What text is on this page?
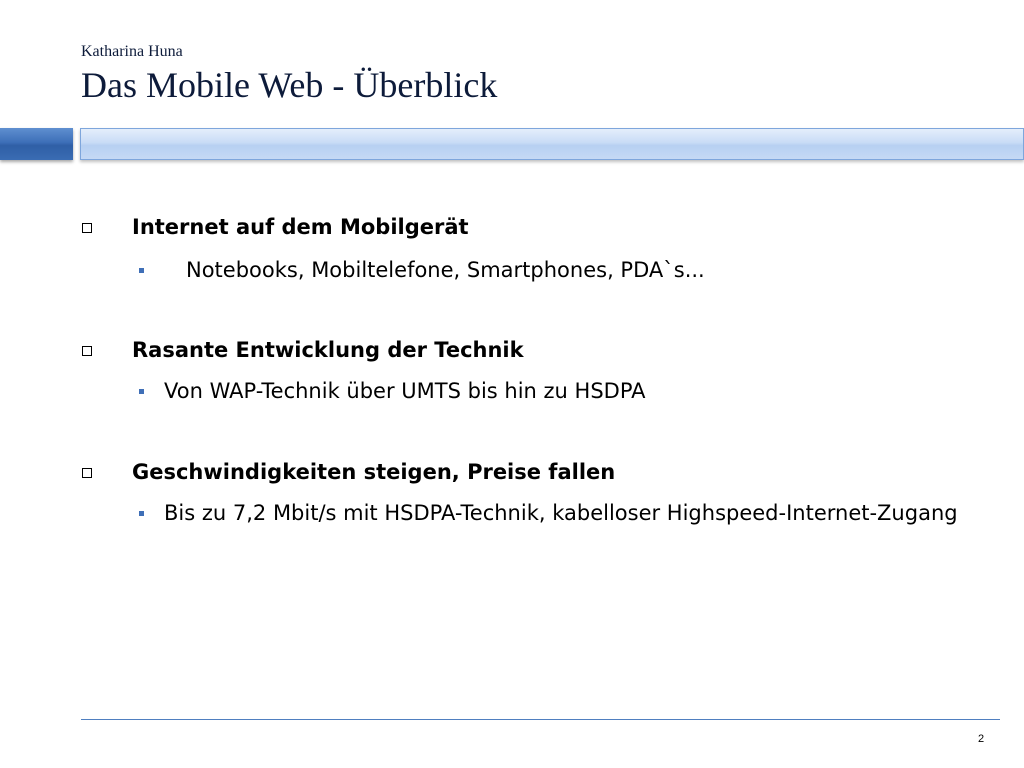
Katharina Huna

Das Mobile Web - Überblick

Internet auf dem Mobilgerät

Notebooks, Mobiltelefone, Smartphones, PDA`s...

Rasante Entwicklung der Technik

Von WAP-Technik über UMTS bis hin zu HSDPA

Geschwindigkeiten steigen, Preise fallen

Bis zu 7,2 Mbit/s mit HSDPA-Technik, kabelloser Highspeed-Internet-Zugang

2
